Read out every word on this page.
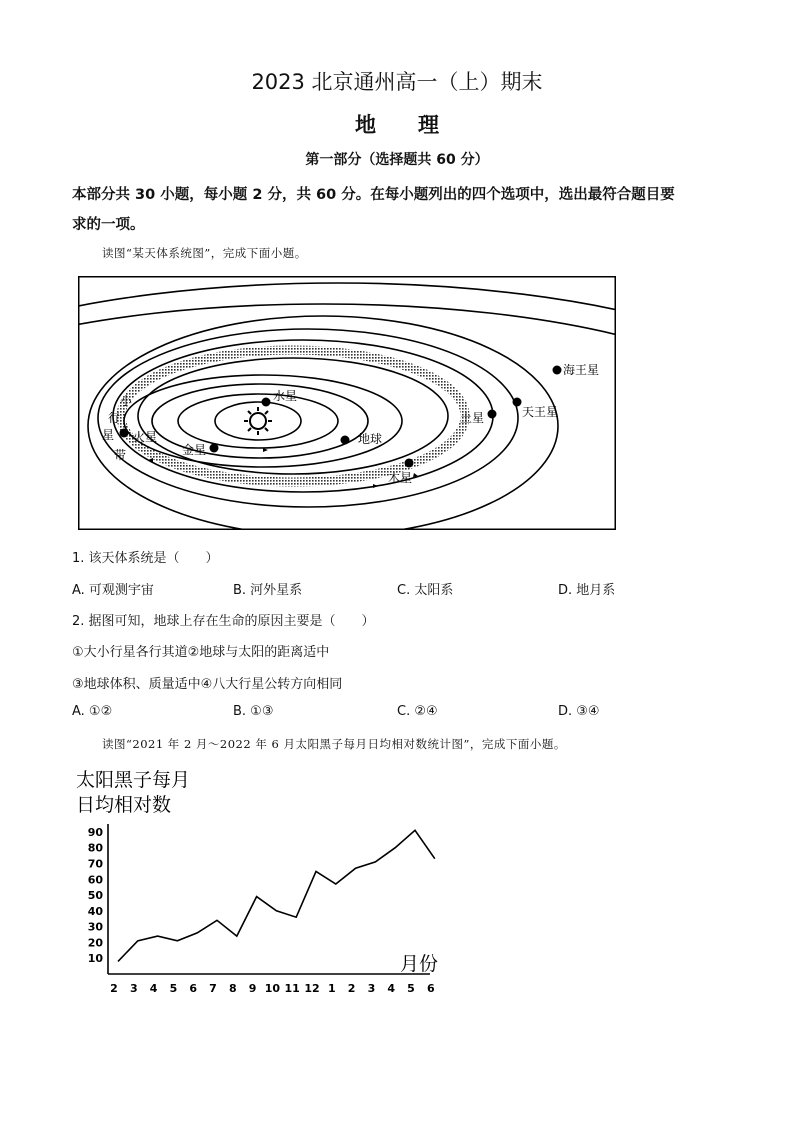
2023 北京通州高一（上）期末
地　　理
第一部分（选择题共 60 分）
本部分共 30 小题，每小题 2 分，共 60 分。在每小题列出的四个选项中，选出最符合题目要
求的一项。
读图“某天体系统图”，完成下面小题。
水星
金星
地球
火星
木星
土星	天王星
海王星
小
行
星
带
1. 该天体系统是（　　）
A. 可观测宇宙	B. 河外星系	C. 太阳系	D. 地月系
2. 据图可知，地球上存在生命的原因主要是（　　）
①大小行星各行其道②地球与太阳的距离适中
③地球体积、质量适中④八大行星公转方向相同
A. ①②	B. ①③	C. ②④	D. ③④
读图“2021 年 2 月～2022 年 6 月太阳黑子每月日均相对数统计图”，完成下面小题。
太阳黑子每月
日均相对数
10
20
30
40
50
60
70
80
90
2 3 4 5 6 7 8 9 10 11 12 1 2 3 4 5 6
月份
